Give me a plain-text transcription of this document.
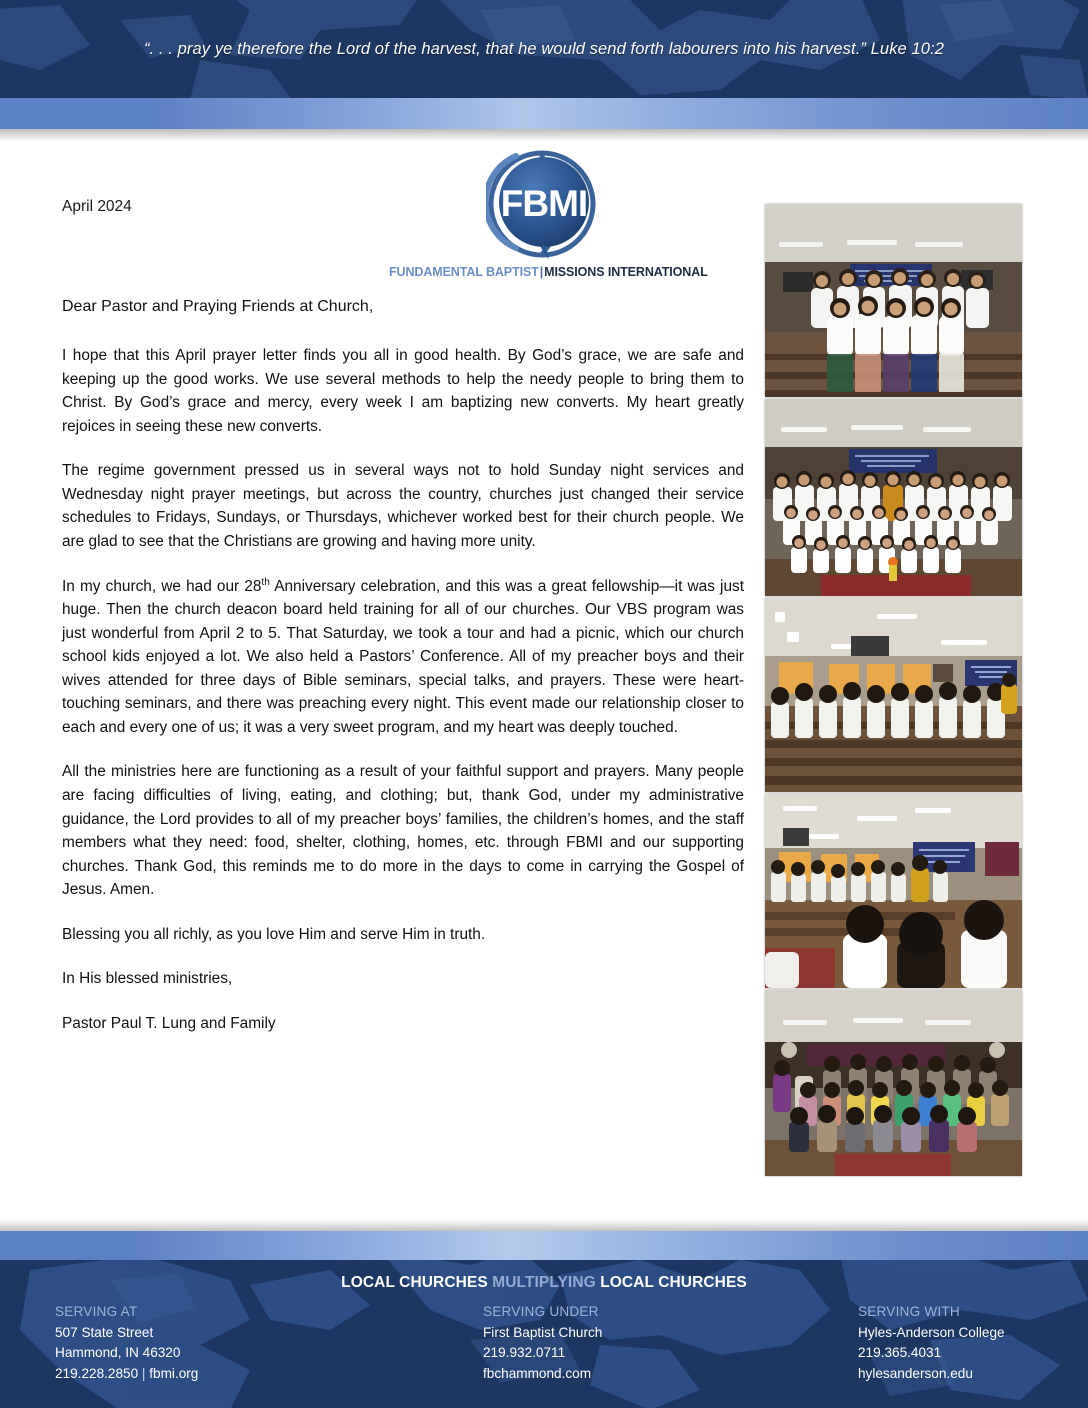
“. . . pray ye therefore the Lord of the harvest, that he would send forth labourers into his harvest.” Luke 10:2
FBMI
FUNDAMENTAL BAPTIST|MISSIONS INTERNATIONAL
April 2024
Dear Pastor and Praying Friends at Church,

I hope that this April prayer letter finds you all in good health. By God’s grace, we are safe and keeping up the good works. We use several methods to help the needy people to bring them to Christ. By God’s grace and mercy, every week I am baptizing new converts. My heart greatly rejoices in seeing these new converts.

The regime government pressed us in several ways not to hold Sunday night services and Wednesday night prayer meetings, but across the country, churches just changed their service schedules to Fridays, Sundays, or Thursdays, whichever worked best for their church people. We are glad to see that the Christians are growing and having more unity.

In my church, we had our 28th Anniversary celebration, and this was a great fellowship—it was just huge. Then the church deacon board held training for all of our churches. Our VBS program was just wonderful from April 2 to 5. That Saturday, we took a tour and had a picnic, which our church school kids enjoyed a lot. We also held a Pastors’ Conference. All of my preacher boys and their wives attended for three days of Bible seminars, special talks, and prayers. These were heart-touching seminars, and there was preaching every night. This event made our relationship closer to each and every one of us; it was a very sweet program, and my heart was deeply touched.

All the ministries here are functioning as a result of your faithful support and prayers. Many people are facing difficulties of living, eating, and clothing; but, thank God, under my administrative guidance, the Lord provides to all of my preacher boys’ families, the children’s homes, and the staff members what they need: food, shelter, clothing, homes, etc. through FBMI and our supporting churches. Thank God, this reminds me to do more in the days to come in carrying the Gospel of Jesus. Amen.

Blessing you all richly, as you love Him and serve Him in truth.

In His blessed ministries,

Pastor Paul T. Lung and Family

LOCAL CHURCHES MULTIPLYING LOCAL CHURCHES
SERVING AT
507 State Street
Hammond, IN 46320
219.228.2850 | fbmi.org
SERVING UNDER
First Baptist Church
219.932.0711
fbchammond.com
SERVING WITH
Hyles-Anderson College
219.365.4031
hylesanderson.edu
